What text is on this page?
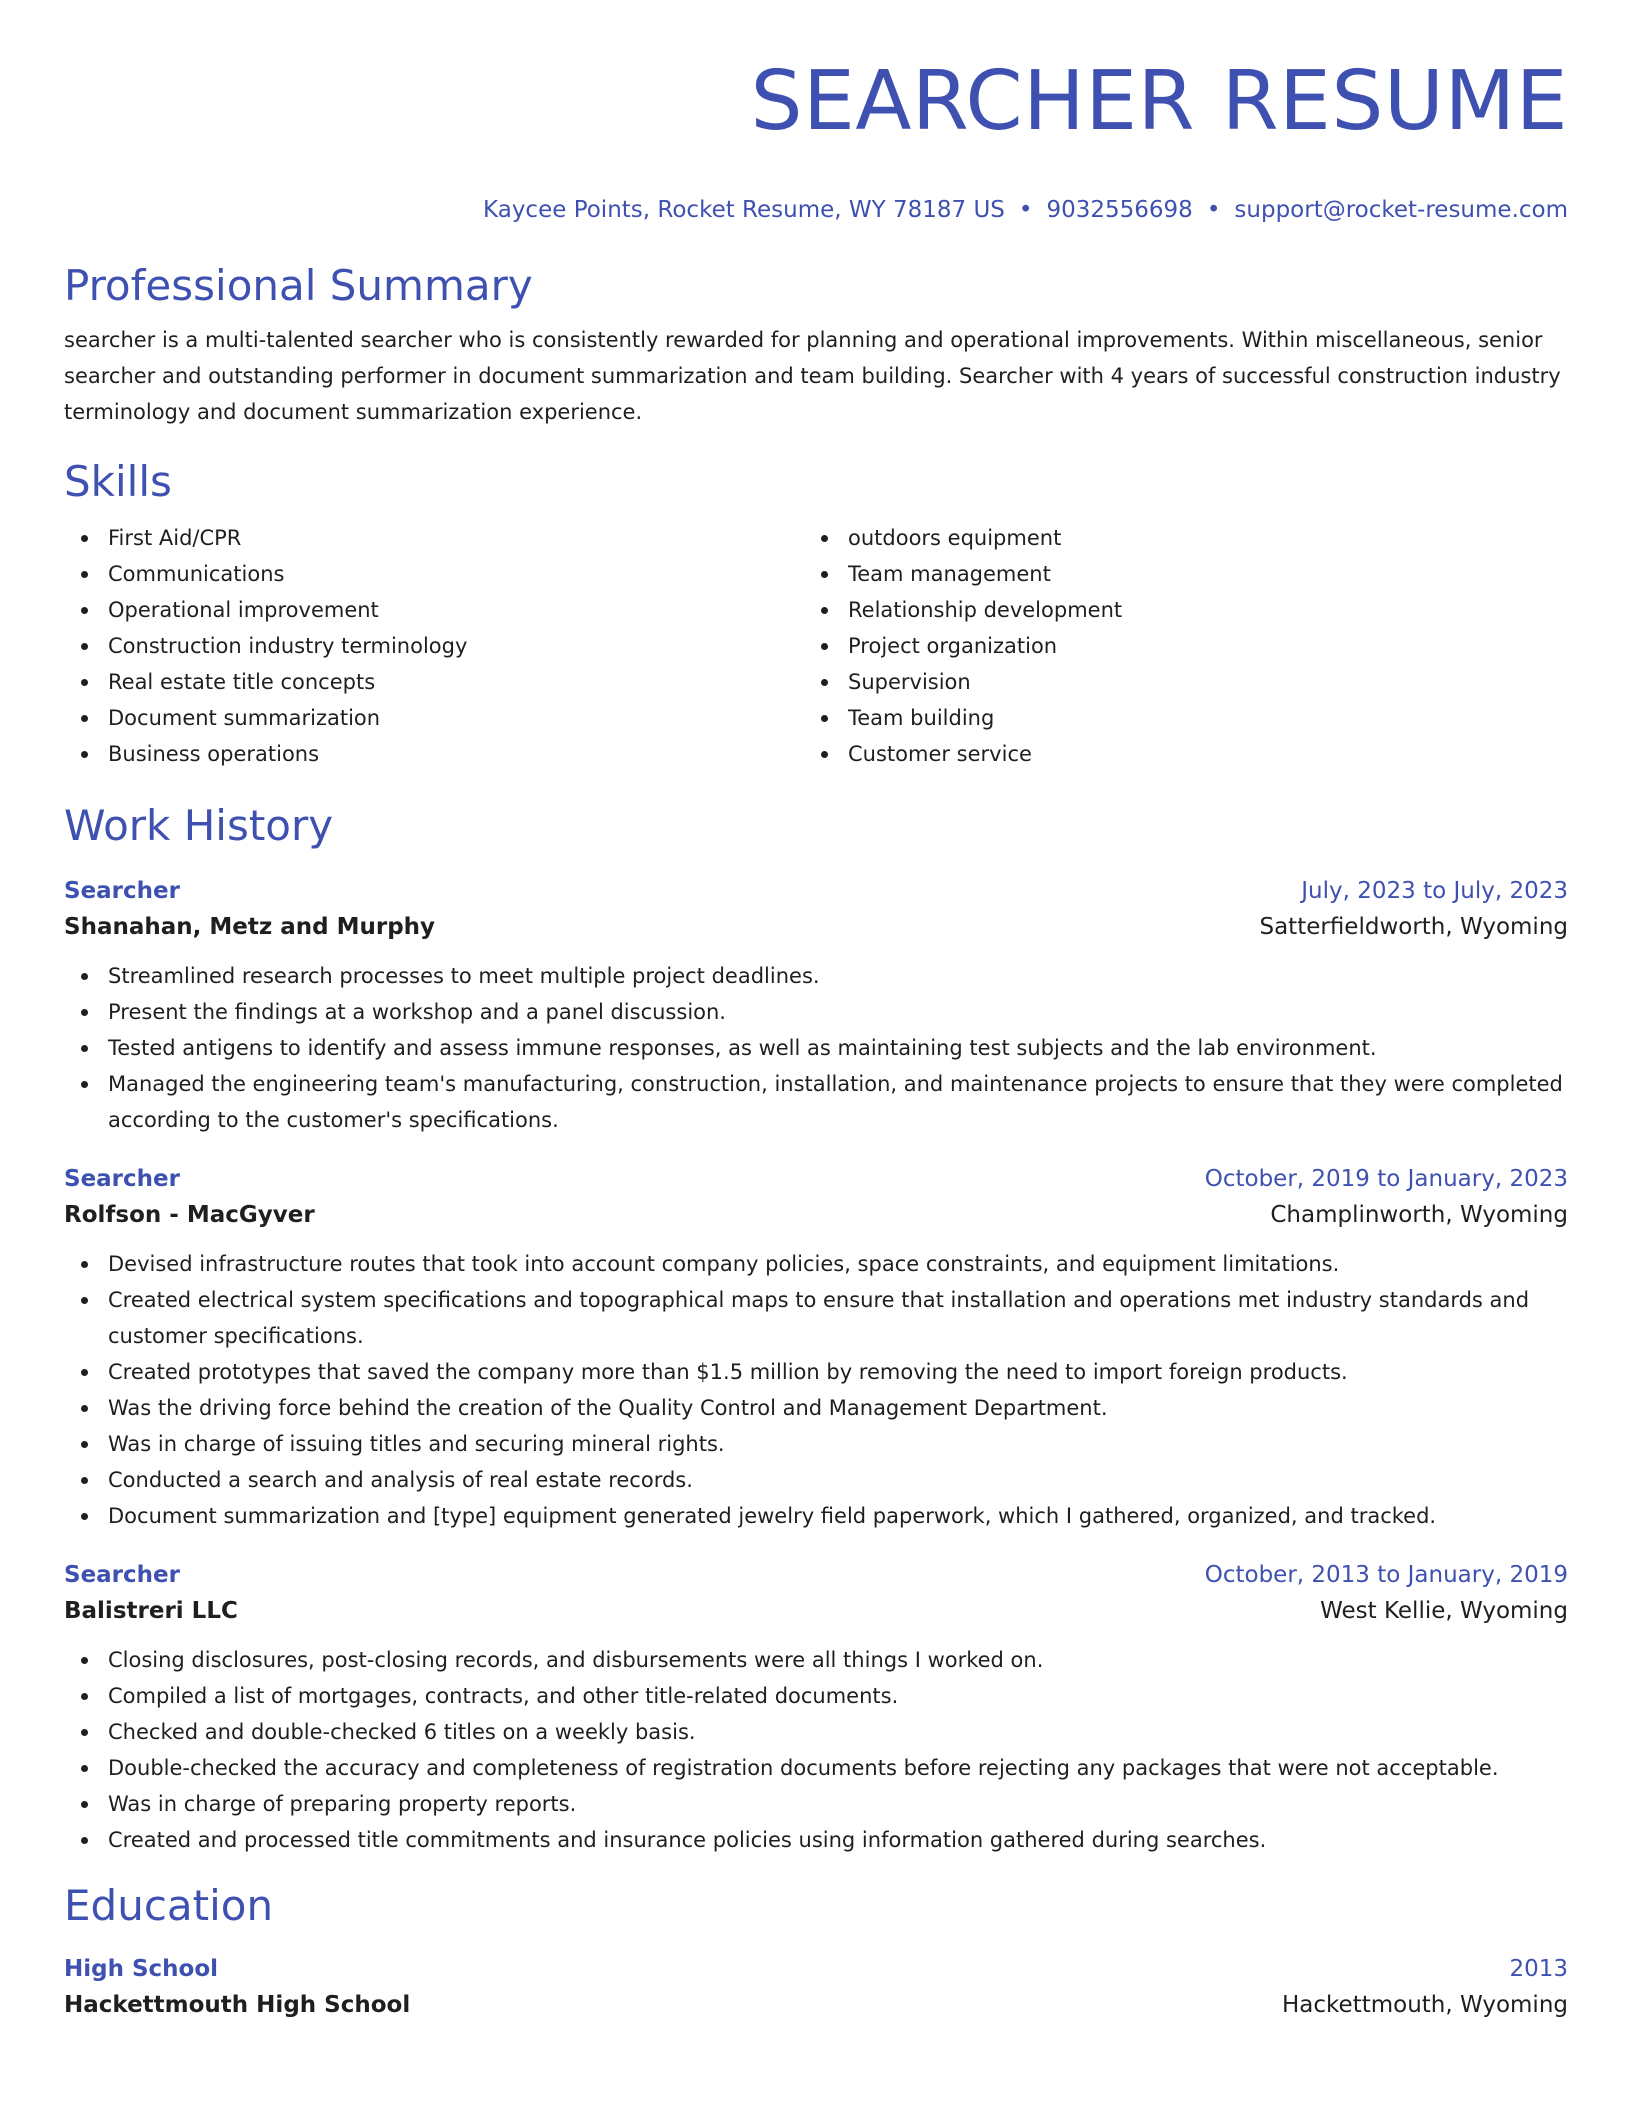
SEARCHER RESUME
Kaycee Points, Rocket Resume, WY 78187 US • 9032556698 • support@rocket-resume.com
Professional Summary

searcher is a multi-talented searcher who is consistently rewarded for planning and operational improvements. Within miscellaneous, senior searcher and outstanding performer in document summarization and team building. Searcher with 4 years of successful construction industry terminology and document summarization experience.

Skills
First Aid/CPR
Communications
Operational improvement
Construction industry terminology
Real estate title concepts
Document summarization
Business operations
outdoors equipment
Team management
Relationship development
Project organization
Supervision
Team building
Customer service
Work History
Searcher	July, 2023 to July, 2023
Shanahan, Metz and Murphy	Satterfieldworth, Wyoming
Streamlined research processes to meet multiple project deadlines.
Present the findings at a workshop and a panel discussion.
Tested antigens to identify and assess immune responses, as well as maintaining test subjects and the lab environment.
Managed the engineering team's manufacturing, construction, installation, and maintenance projects to ensure that they were completed according to the customer's specifications.
Searcher	October, 2019 to January, 2023
Rolfson - MacGyver	Champlinworth, Wyoming
Devised infrastructure routes that took into account company policies, space constraints, and equipment limitations.
Created electrical system specifications and topographical maps to ensure that installation and operations met industry standards and customer specifications.
Created prototypes that saved the company more than $1.5 million by removing the need to import foreign products.
Was the driving force behind the creation of the Quality Control and Management Department.
Was in charge of issuing titles and securing mineral rights.
Conducted a search and analysis of real estate records.
Document summarization and [type] equipment generated jewelry field paperwork, which I gathered, organized, and tracked.
Searcher	October, 2013 to January, 2019
Balistreri LLC	West Kellie, Wyoming
Closing disclosures, post-closing records, and disbursements were all things I worked on.
Compiled a list of mortgages, contracts, and other title-related documents.
Checked and double-checked 6 titles on a weekly basis.
Double-checked the accuracy and completeness of registration documents before rejecting any packages that were not acceptable.
Was in charge of preparing property reports.
Created and processed title commitments and insurance policies using information gathered during searches.
Education
High School	2013
Hackettmouth High School	Hackettmouth, Wyoming
